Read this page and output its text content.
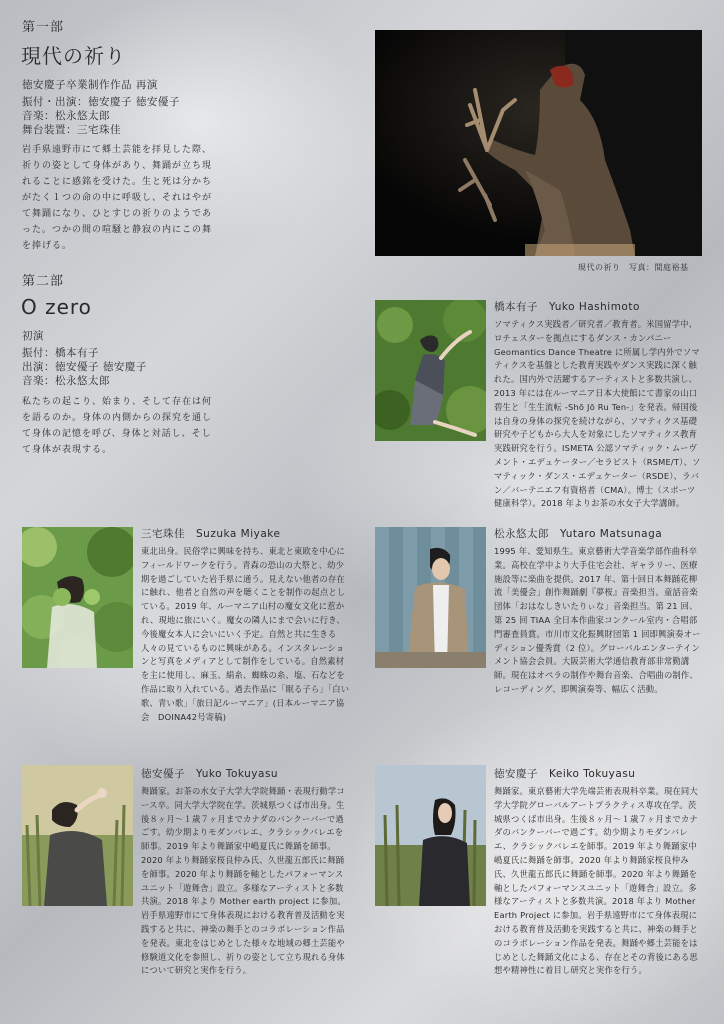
第一部
現代の祈り
徳安慶子卒業制作作品 再演
振付・出演：徳安慶子 徳安優子
音楽：松永悠太郎
舞台装置：三宅珠佳
岩手県遠野市にて郷土芸能を拝見した際、祈りの姿として身体があり、舞踊が立ち現れることに感銘を受けた。生と死は分かちがたく１つの命の中に呼吸し、それはやがて舞踊になり、ひとすじの祈りのようであった。つかの間の喧騒と静寂の内にこの舞を捧げる。
現代の祈り　写真：間庭裕基
第二部
O zero
初演
振付：橋本有子
出演：徳安優子 徳安慶子
音楽：松永悠太郎
私たちの起こり、始まり、そして存在は何を語るのか。身体の内側からの探究を通して身体の記憶を呼び、身体と対話し、そして身体が表現する。
橋本有子　Yuko Hashimoto
ソマティクス実践者／研究者／教育者。米国留学中、ロチェスターを拠点にするダンス・カンパニー Geomantics Dance Theatre に所属し学内外でソマティクスを基盤とした教育実践やダンス実践に深く触れた。国内外で活躍するアーティストと多数共演し、2013 年には在ルーマニア日本大使館にて書家の山口碧生と「生生流転 -Shō Jō Ru Ten-」を発表。帰国後は自身の身体の探究を続けながら、ソマティクス基礎研究や子どもから大人を対象にしたソマティクス教育実践研究を行う。ISMETA 公認ソマティック・ムーヴメント・エデュケーター／セラピスト（RSME/T）、ソマティック・ダンス・エデュケーター（RSDE）、ラバン／バーテニエフ有資格者（CMA）。博士（スポーツ健康科学）。2018 年よりお茶の水女子大学講師。
三宅珠佳　Suzuka Miyake
東北出身。民俗学に興味を持ち、東北と東欧を中心にフィールドワークを行う。青森の恐山の大祭と、幼少期を過ごしていた岩手県に通う。見えない他者の存在に触れ、他者と自然の声を聴くことを制作の起点としている。2019 年、ルーマニア山村の魔女文化に惹かれ、現地に旅にいく。魔女の隣人にまで会いに行き、今後魔女本人に会いにいく予定。自然と共に生きる人々の見ているものに興味がある。インスタレーションと写真をメディアとして制作をしている。自然素材を主に使用し、麻玉、絹糸、蜘蛛の糸、塩、石などを作品に取り入れている。過去作品に「眠る子ら」「白い歌、青い歌」「旅日記ルーマニア」(日本ルーマニア協会　DOINA42号寄稿)
松永悠太郎　Yutaro Matsunaga
1995 年、愛知県生。東京藝術大学音楽学部作曲科卒業。高校在学中より大手住宅会社、ギャラリー、医療施設等に楽曲を提供。2017 年、第十回日本舞踊花柳流「美優会」創作舞踊劇『夢桜』音楽担当。童話音楽団体「おはなしきいたりぃな」音楽担当。第 21 回、第 25 回 TIAA 全日本作曲家コンクール室内・合唱部門審査員賞。市川市文化振興財団第 1 回即興演奏オーディション優秀賞（2 位）。グローバルエンターテインメント協会会員。大阪芸術大学通信教育部非常勤講師。現在はオペラの制作や舞台音楽、合唱曲の制作、レコーディング、即興演奏等、幅広く活動。
徳安優子　Yuko Tokuyasu
舞踊家。お茶の水女子大学大学院舞踊・表現行動学コース卒。同大学大学院在学。茨城県つくば市出身。生後８ヶ月〜１歳７ヶ月までカナダのバンクーバーで過ごす。幼少期よりモダンバレエ、クラシックバレエを師事。2019 年より舞踊家中嶋夏氏に舞踊を師事。2020 年より舞踊家桜良仲み氏、久世龍五郎氏に舞踊を師事。2020 年より舞踊を軸としたパフォーマンスユニット「遊舞舎」設立。多様なアーティストと多数共演。2018 年より Mother earth project に参加。岩手県遠野市にて身体表現における教育普及活動を実践すると共に、神楽の舞手とのコラボレーション作品を発表。東北をはじめとした様々な地域の郷土芸能や修験道文化を参照し、祈りの姿として立ち現れる身体について研究と実作を行う。
徳安慶子　Keiko Tokuyasu
舞踊家。東京藝術大学先端芸術表現科卒業。現在同大学大学院グローバルアートプラクティス専攻在学。茨城県つくば市出身。生後８ヶ月〜１歳７ヶ月までカナダのバンクーバーで過ごす。幼少期よりモダンバレエ、クラシックバレエを師事。2019 年より舞踊家中嶋夏氏に舞踊を師事。2020 年より舞踊家桜良仲み氏、久世龍五郎氏に舞踊を師事。2020 年より舞踊を軸としたパフォーマンスユニット「遊舞舎」設立。多様なアーティストと多数共演。2018 年より Mother Earth Project に参加。岩手県遠野市にて身体表現における教育普及活動を実践すると共に、神楽の舞手とのコラボレーション作品を発表。舞踊や郷土芸能をはじめとした舞踊文化による、存在とその背後にある思想や精神性に着目し研究と実作を行う。
